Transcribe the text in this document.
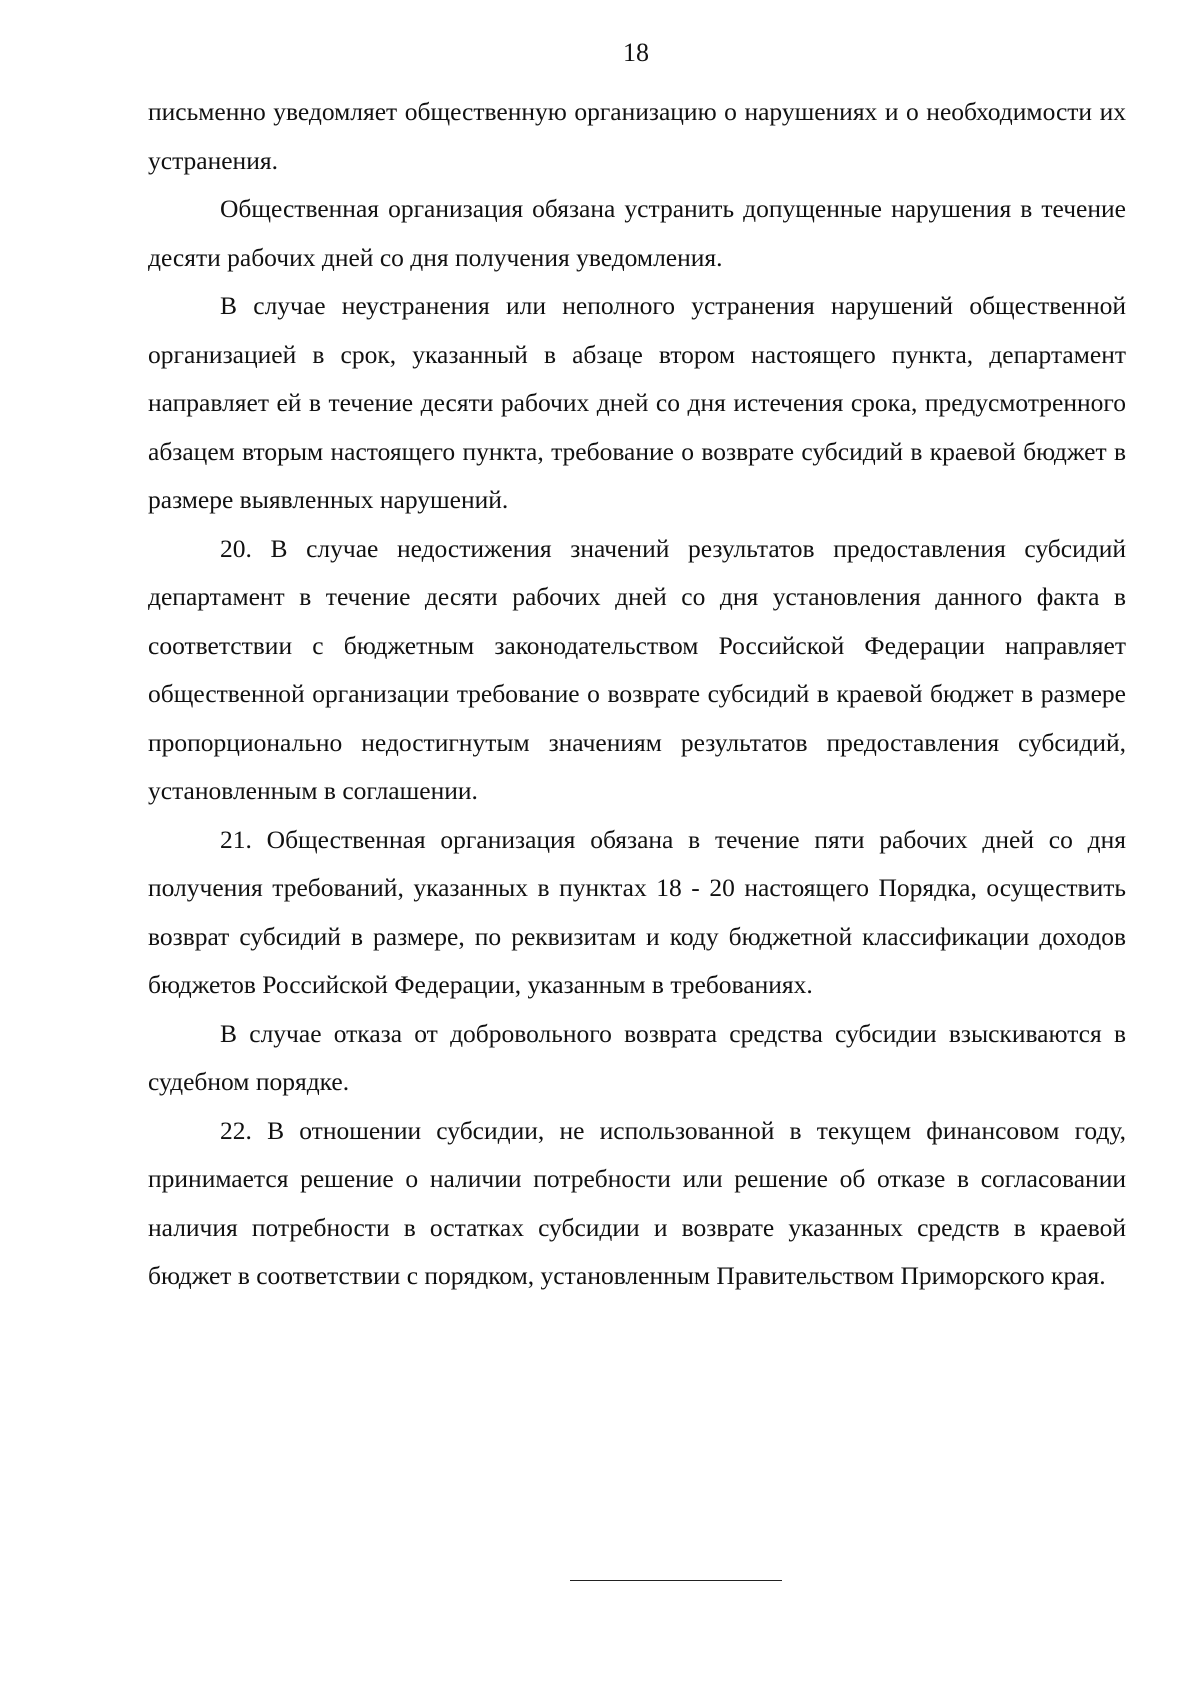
18

письменно уведомляет общественную организацию о нарушениях и о необходимости их устранения.

Общественная организация обязана устранить допущенные нарушения в течение десяти рабочих дней со дня получения уведомления.

В случае неустранения или неполного устранения нарушений общественной организацией в срок, указанный в абзаце втором настоящего пункта, департамент направляет ей в течение десяти рабочих дней со дня истечения срока, предусмотренного абзацем вторым настоящего пункта, требование о возврате субсидий в краевой бюджет в размере выявленных нарушений.

20. В случае недостижения значений результатов предоставления субсидий департамент в течение десяти рабочих дней со дня установления данного факта в соответствии с бюджетным законодательством Российской Федерации направляет общественной организации требование о возврате субсидий в краевой бюджет в размере пропорционально недостигнутым значениям результатов предоставления субсидий, установленным в соглашении.

21. Общественная организация обязана в течение пяти рабочих дней со дня получения требований, указанных в пунктах 18 - 20 настоящего Порядка, осуществить возврат субсидий в размере, по реквизитам и коду бюджетной классификации доходов бюджетов Российской Федерации, указанным в требованиях.

В случае отказа от добровольного возврата средства субсидии взыскиваются в судебном порядке.

22. В отношении субсидии, не использованной в текущем финансовом году, принимается решение о наличии потребности или решение об отказе в согласовании наличия потребности в остатках субсидии и возврате указанных средств в краевой бюджет в соответствии с порядком, установленным Правительством Приморского края.
